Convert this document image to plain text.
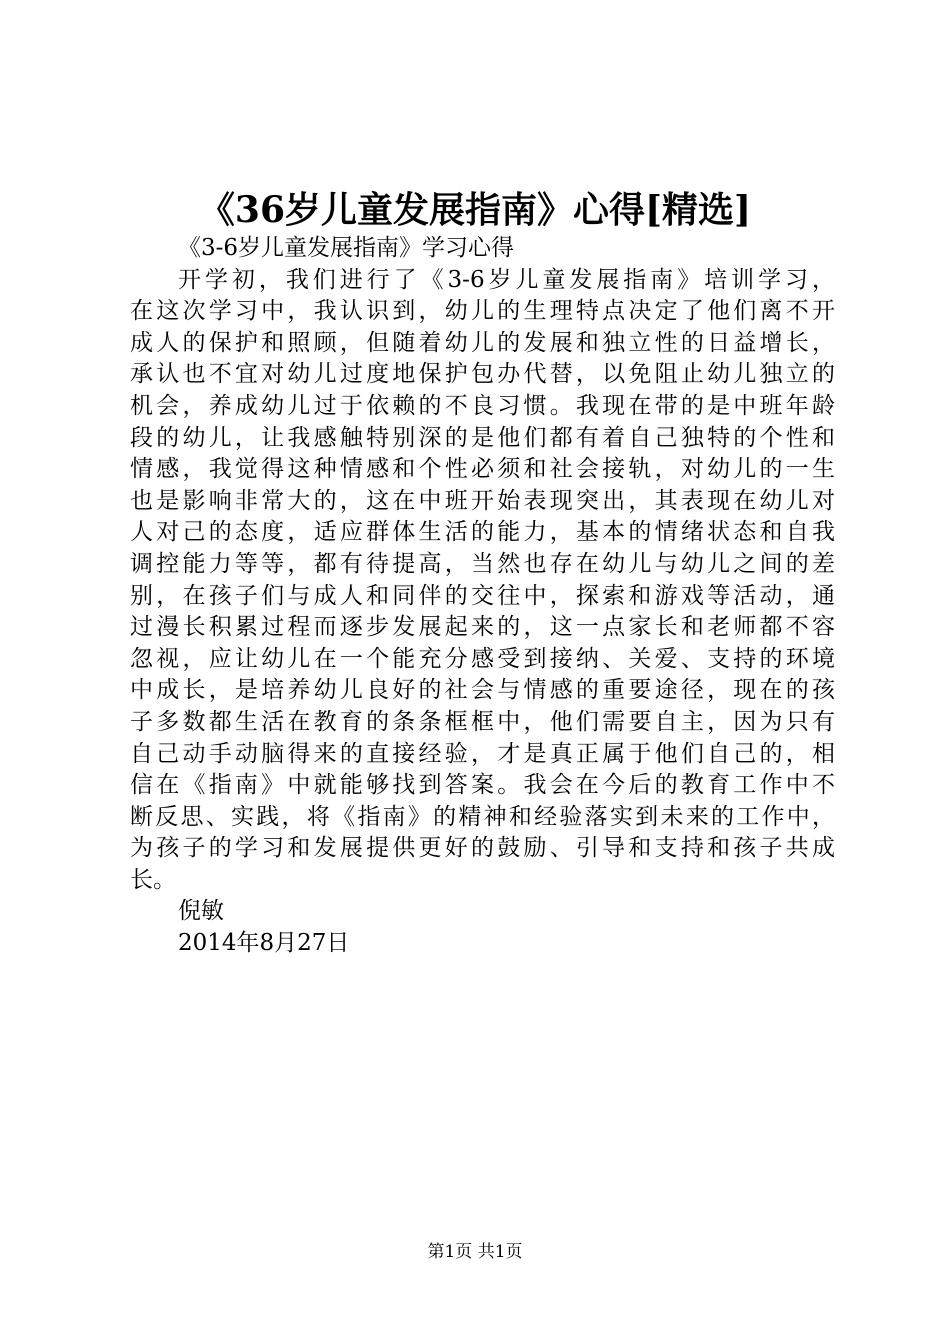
《36岁儿童发展指南》心得[精选]
《3-6岁儿童发展指南》学习心得
开学初，我们进行了《3-6岁儿童发展指南》培训学习，
在这次学习中，我认识到，幼儿的生理特点决定了他们离不开
成人的保护和照顾，但随着幼儿的发展和独立性的日益增长，
承认也不宜对幼儿过度地保护包办代替，以免阻止幼儿独立的
机会，养成幼儿过于依赖的不良习惯。我现在带的是中班年龄
段的幼儿，让我感触特别深的是他们都有着自己独特的个性和
情感，我觉得这种情感和个性必须和社会接轨，对幼儿的一生
也是影响非常大的，这在中班开始表现突出，其表现在幼儿对
人对己的态度，适应群体生活的能力，基本的情绪状态和自我
调控能力等等，都有待提高，当然也存在幼儿与幼儿之间的差
别，在孩子们与成人和同伴的交往中，探索和游戏等活动，通
过漫长积累过程而逐步发展起来的，这一点家长和老师都不容
忽视，应让幼儿在一个能充分感受到接纳、关爱、支持的环境
中成长，是培养幼儿良好的社会与情感的重要途径，现在的孩
子多数都生活在教育的条条框框中，他们需要自主，因为只有
自己动手动脑得来的直接经验，才是真正属于他们自己的，相
信在《指南》中就能够找到答案。我会在今后的教育工作中不
断反思、实践，将《指南》的精神和经验落实到未来的工作中，
为孩子的学习和发展提供更好的鼓励、引导和支持和孩子共成
长。
倪敏
2014年8月27日
第1页 共1页
